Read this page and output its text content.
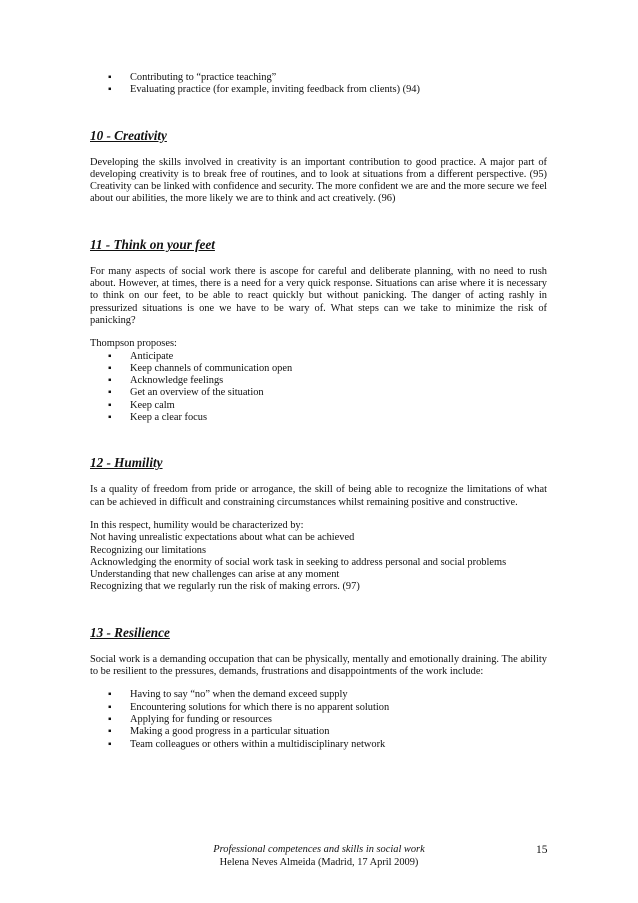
▪ Contributing to “practice teaching”
▪ Evaluating practice (for example, inviting feedback from clients) (94)
10 - Creativity

Developing the skills involved in creativity is an important contribution to good practice. A major part of developing creativity is to break free of routines, and to look at situations from a different perspective. (95) Creativity can be linked with confidence and security. The more confident we are and the more secure we feel about our abilities, the more likely we are to think and act creatively. (96)

11 - Think on your feet

For many aspects of social work there is ascope for careful and deliberate planning, with no need to rush about. However, at times, there is a need for a very quick response. Situations can arise where it is necessary to think on our feet, to be able to react quickly but without panicking. The danger of acting rashly in pressurized situations is one we have to be wary of. What steps can we take to minimize the risk of panicking?

Thompson proposes:

▪ Anticipate
▪ Keep channels of communication open
▪ Acknowledge feelings
▪ Get an overview of the situation
▪ Keep calm
▪ Keep a clear focus
12 - Humility

Is a quality of freedom from pride or arrogance, the skill of being able to recognize the limitations of what can be achieved in difficult and constraining circumstances whilst remaining positive and constructive.

In this respect, humility would be characterized by:

Not having unrealistic expectations about what can be achieved

Recognizing our limitations

Acknowledging the enormity of social work task in seeking to address personal and social problems

Understanding that new challenges can arise at any moment

Recognizing that we regularly run the risk of making errors. (97)

13 - Resilience

Social work is a demanding occupation that can be physically, mentally and emotionally draining. The ability to be resilient to the pressures, demands, frustrations and disappointments of the work include:

▪ Having to say “no” when the demand exceed supply
▪ Encountering solutions for which there is no apparent solution
▪ Applying for funding or resources
▪ Making a good progress in a particular situation
▪ Team colleagues or others within a multidisciplinary network
Professional competences and skills in social work
Helena Neves Almeida (Madrid, 17 April 2009)
15
